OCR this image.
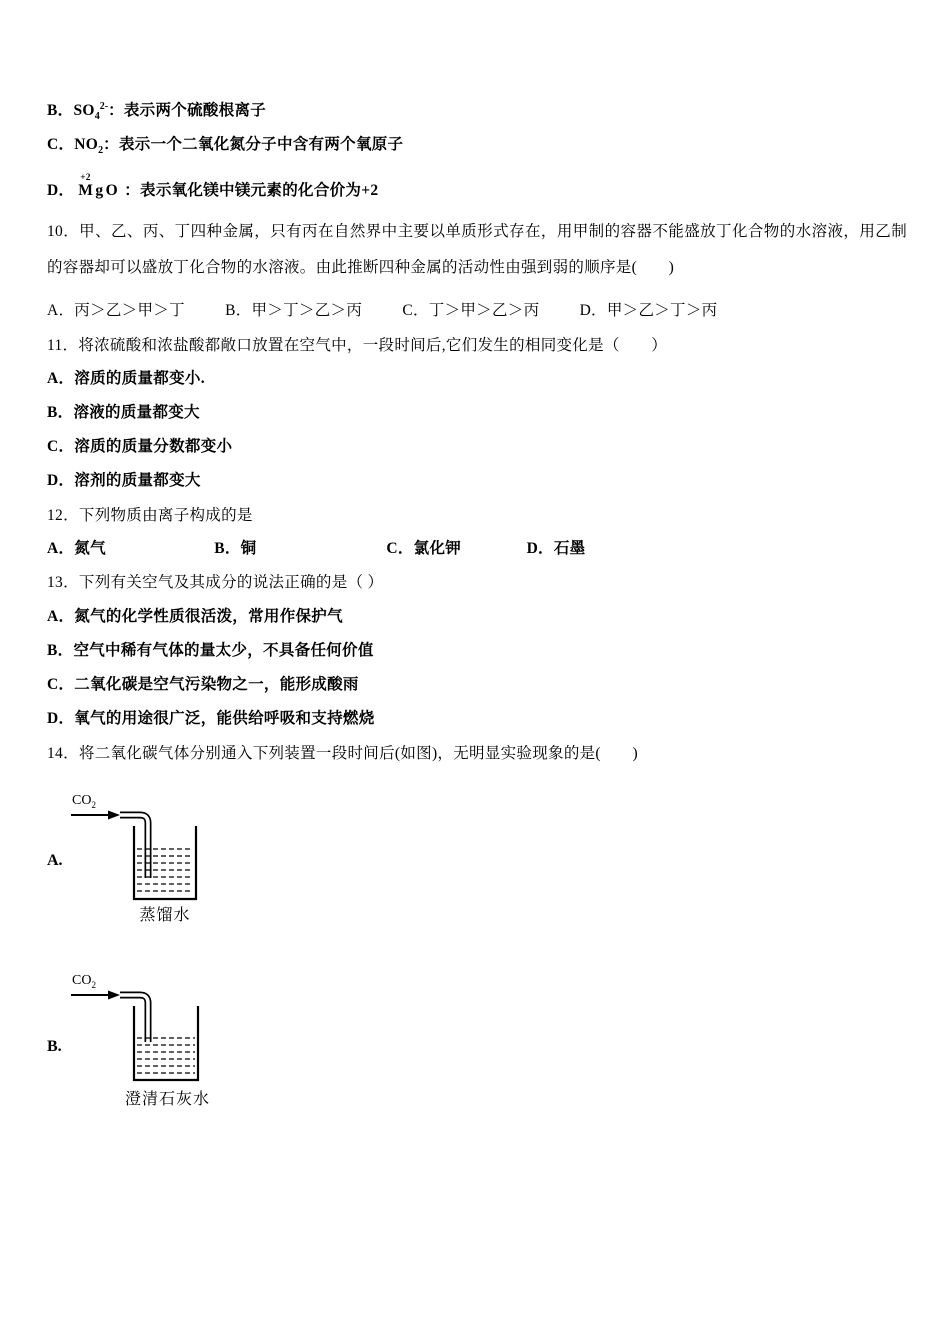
B．$SO_4^{2-}$：表示两个硫酸根离子
C．$NO_2$：表示一个二氧化氮分子中含有两个氧原子
D．
+2
MgO ：表示氧化镁中镁元素的化合价为+2
10．甲、乙、丙、丁四种金属，只有丙在自然界中主要以单质形式存在，用甲制的容器不能盛放丁化合物的水溶液，用乙制的容器却可以盛放丁化合物的水溶液。由此推断四种金属的活动性由强到弱的顺序是(　　)
A．丙＞乙＞甲＞丁	B．甲＞丁＞乙＞丙	C．丁＞甲＞乙＞丙	D．甲＞乙＞丁＞丙
11．将浓硫酸和浓盐酸都敞口放置在空气中，一段时间后,它们发生的相同变化是（　　）
A．溶质的质量都变小.
B．溶液的质量都变大
C．溶质的质量分数都变小
D．溶剂的质量都变大
12．下列物质由离子构成的是
A．氮气	B．铜	C．氯化钾	D．石墨
13．下列有关空气及其成分的说法正确的是（ ）
A．氮气的化学性质很活泼，常用作保护气
B．空气中稀有气体的量太少，不具备任何价值
C．二氧化碳是空气污染物之一，能形成酸雨
D．氧气的用途很广泛，能供给呼吸和支持燃烧
14．将二氧化碳气体分别通入下列装置一段时间后(如图)，无明显实验现象的是(　　)
A.
$CO_2$
蒸馏水
B.
$CO_2$
澄清石灰水
